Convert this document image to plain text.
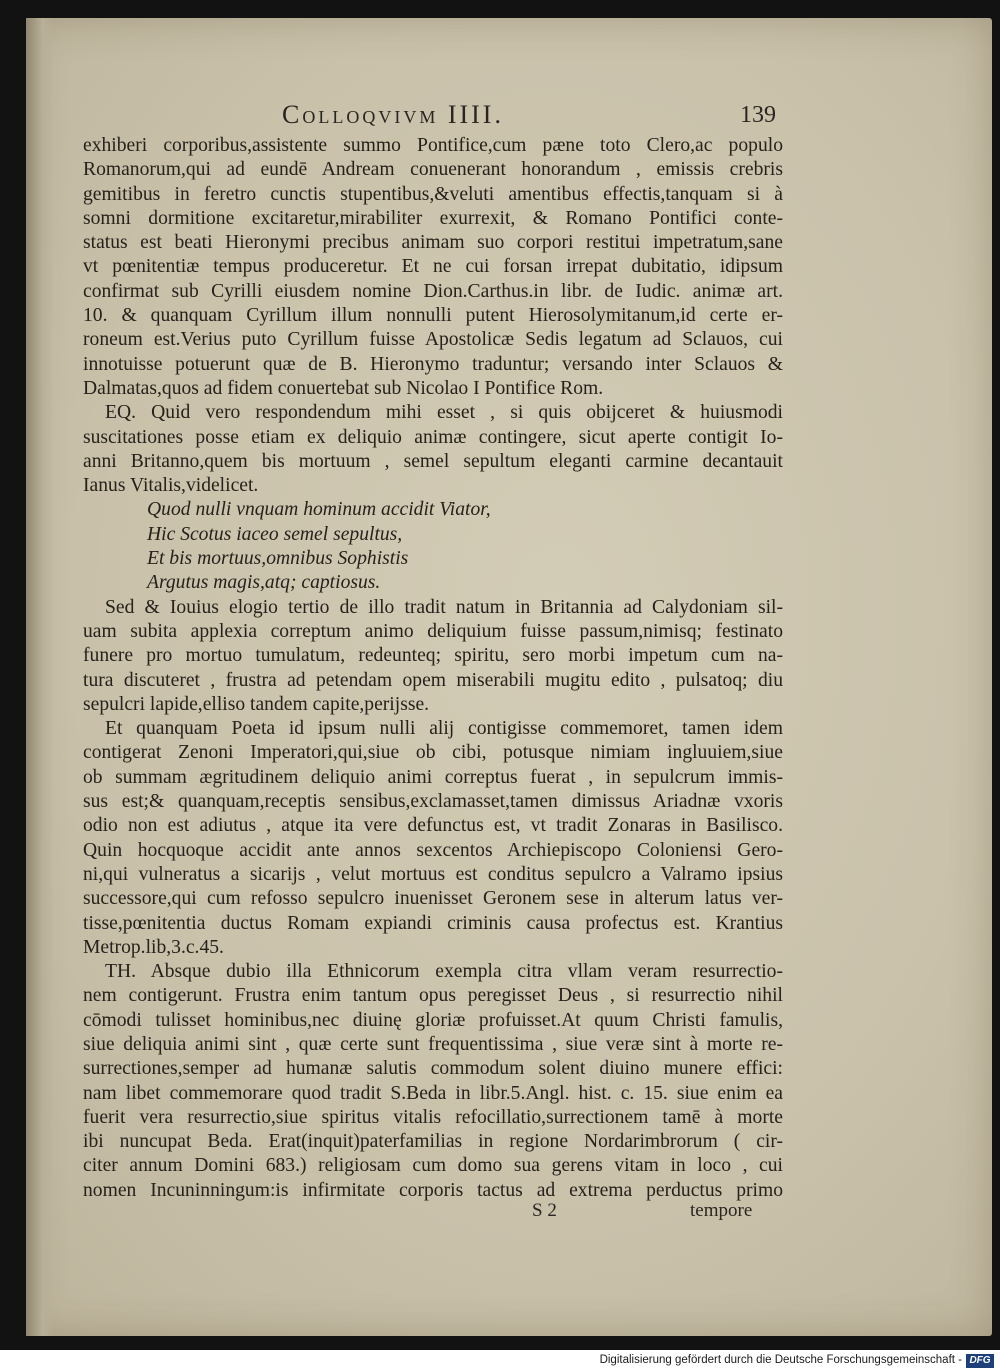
Colloqvivm IIII.	139
exhiberi corporibus,assistente summo Pontifice,cum pæne toto Clero,ac populo
Romanorum,qui ad eundē Andream conuenerant honorandum , emissis crebris
gemitibus in feretro cunctis stupentibus,&veluti amentibus effectis,tanquam si à
somni dormitione excitaretur,mirabiliter exurrexit, & Romano Pontifici conte-
status est beati Hieronymi precibus animam suo corpori restitui impetratum,sane
vt pœnitentiæ tempus produceretur. Et ne cui forsan irrepat dubitatio, idipsum
confirmat sub Cyrilli eiusdem nomine Dion.Carthus.in libr. de Iudic. animæ art.
10. & quanquam Cyrillum illum nonnulli putent Hierosolymitanum,id certe er-
roneum est.Verius puto Cyrillum fuisse Apostolicæ Sedis legatum ad Sclauos, cui
innotuisse potuerunt quæ de B. Hieronymo traduntur; versando inter Sclauos &
Dalmatas,quos ad fidem conuertebat sub Nicolao I Pontifice Rom.
EQ. Quid vero respondendum mihi esset , si quis obijceret & huiusmodi
suscitationes posse etiam ex deliquio animæ contingere, sicut aperte contigit Io-
anni Britanno,quem bis mortuum , semel sepultum eleganti carmine decantauit
Ianus Vitalis,videlicet.
Quod nulli vnquam hominum accidit Viator,
Hic Scotus iaceo semel sepultus,
Et bis mortuus,omnibus Sophistis
Argutus magis,atq; captiosus.
Sed & Iouius elogio tertio de illo tradit natum in Britannia ad Calydoniam sil-
uam subita applexia correptum animo deliquium fuisse passum,nimisq; festinato
funere pro mortuo tumulatum, redeunteq; spiritu, sero morbi impetum cum na-
tura discuteret , frustra ad petendam opem miserabili mugitu edito , pulsatoq; diu
sepulcri lapide,elliso tandem capite,perijsse.
Et quanquam Poeta id ipsum nulli alij contigisse commemoret, tamen idem
contigerat Zenoni Imperatori,qui,siue ob cibi, potusque nimiam ingluuiem,siue
ob summam ægritudinem deliquio animi correptus fuerat , in sepulcrum immis-
sus est;& quanquam,receptis sensibus,exclamasset,tamen dimissus Ariadnæ vxoris
odio non est adiutus , atque ita vere defunctus est, vt tradit Zonaras in Basilisco.
Quin hocquoque accidit ante annos sexcentos Archiepiscopo Coloniensi Gero-
ni,qui vulneratus a sicarijs , velut mortuus est conditus sepulcro a Valramo ipsius
successore,qui cum refosso sepulcro inuenisset Geronem sese in alterum latus ver-
tisse,pœnitentia ductus Romam expiandi criminis causa profectus est. Krantius
Metrop.lib,3.c.45.
TH. Absque dubio illa Ethnicorum exempla citra vllam veram resurrectio-
nem contigerunt. Frustra enim tantum opus peregisset Deus , si resurrectio nihil
cōmodi tulisset hominibus,nec diuinę gloriæ profuisset.At quum Christi famulis,
siue deliquia animi sint , quæ certe sunt frequentissima , siue veræ sint à morte re-
surrectiones,semper ad humanæ salutis commodum solent diuino munere effici:
nam libet commemorare quod tradit S.Beda in libr.5.Angl. hist. c. 15. siue enim ea
fuerit vera resurrectio,siue spiritus vitalis refocillatio,surrectionem tamē à morte
ibi nuncupat Beda. Erat(inquit)paterfamilias in regione Nordarimbrorum ( cir-
citer annum Domini 683.) religiosam cum domo sua gerens vitam in loco , cui
nomen Incuninningum:is infirmitate corporis tactus ad extrema perductus primo
S 2	tempore
Digitalisierung gefördert durch die Deutsche Forschungsgemeinschaft - DFG
